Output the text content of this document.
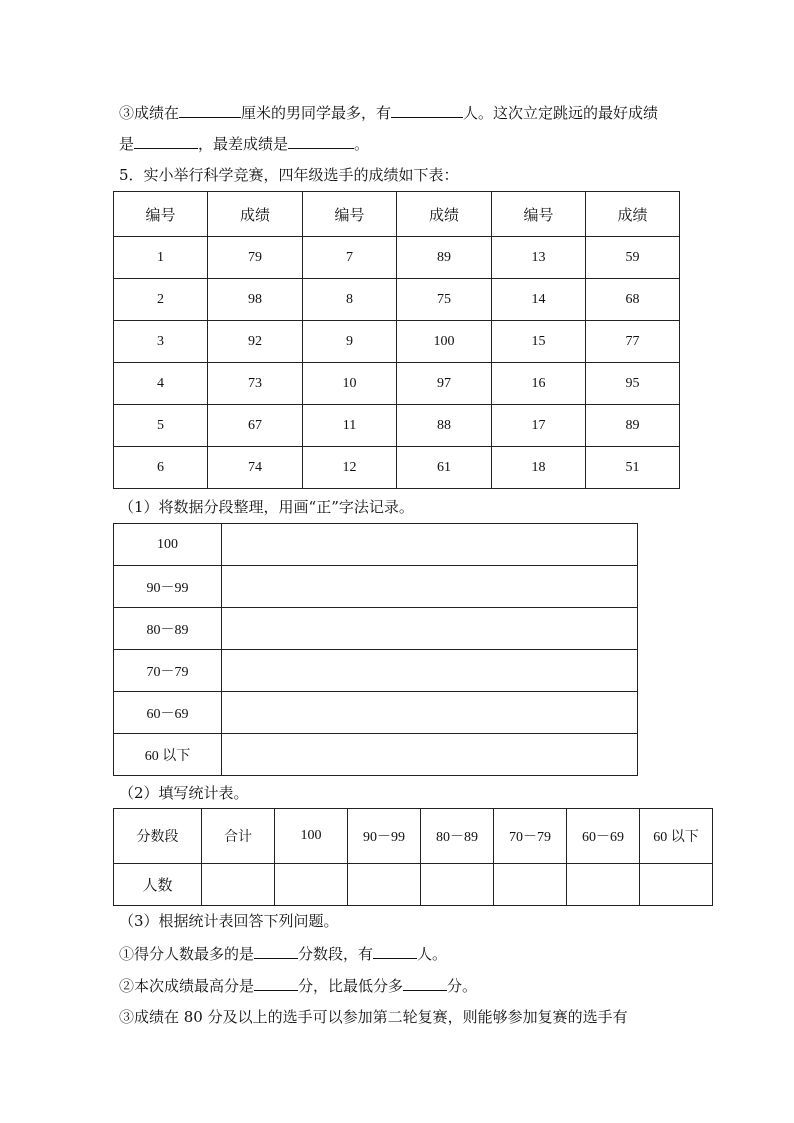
③成绩在	厘米的男同学最多，有	人。这次立定跳远的最好成绩
是	，最差成绩是	。
5．实小举行科学竞赛，四年级选手的成绩如下表：
编号	成绩	编号	成绩	编号	成绩
1	79	7	89	13	59
2	98	8	75	14	68
3	92	9	100	15	77
4	73	10	97	16	95
5	67	11	88	17	89
6	74	12	61	18	51
（1）将数据分段整理，用画“正”字法记录。
100	
90－99	
80－89	
70－79	
60－69	
60 以下	
（2）填写统计表。
分数段	合计	100	90－99	80－89	70－79	60－69	60 以下
人数							
（3）根据统计表回答下列问题。
①得分人数最多的是	分数段，有	人。
②本次成绩最高分是	分，比最低分多	分。
③成绩在 80 分及以上的选手可以参加第二轮复赛，则能够参加复赛的选手有
